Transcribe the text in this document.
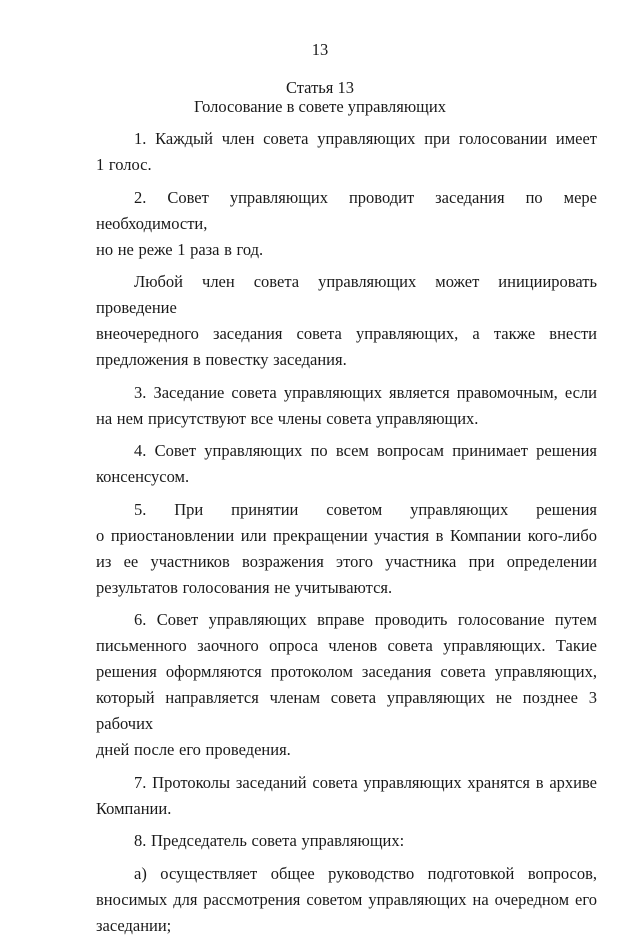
13
Статья 13
Голосование в совете управляющих

1. Каждый член совета управляющих при голосовании имеет
1 голос.

2. Совет управляющих проводит заседания по мере необходимости,
но не реже 1 раза в год.

Любой член совета управляющих может инициировать проведение
внеочередного заседания совета управляющих, а также внести
предложения в повестку заседания.

3. Заседание совета управляющих является правомочным, если
на нем присутствуют все члены совета управляющих.

4. Совет управляющих по всем вопросам принимает решения
консенсусом.

5. При принятии советом управляющих решения
о приостановлении или прекращении участия в Компании кого-либо
из ее участников возражения этого участника при определении
результатов голосования не учитываются.

6. Совет управляющих вправе проводить голосование путем
письменного заочного опроса членов совета управляющих. Такие
решения оформляются протоколом заседания совета управляющих,
который направляется членам совета управляющих не позднее 3 рабочих
дней после его проведения.

7. Протоколы заседаний совета управляющих хранятся в архиве
Компании.

8. Председатель совета управляющих:

а) осуществляет общее руководство подготовкой вопросов,
вносимых для рассмотрения советом управляющих на очередном его
заседании;
